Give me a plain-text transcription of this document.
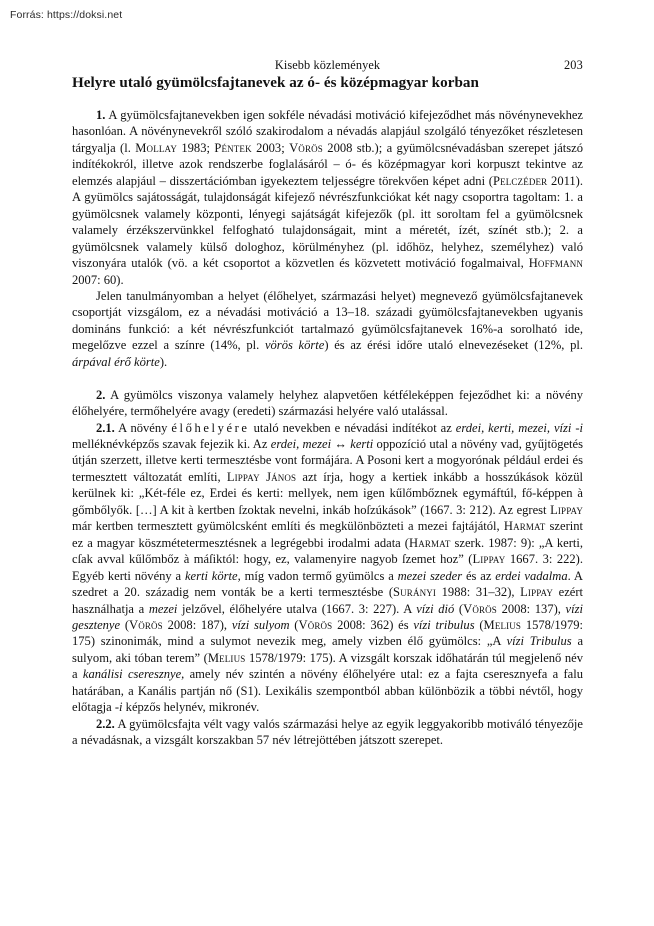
Forrás: https://doksi.net
Kisebb közlemények	203
Helyre utaló gyümölcsfajtanevek az ó- és középmagyar korban

1. A gyümölcsfajtanevekben igen sokféle névadási motiváció kifejeződhet más növénynevekhez hasonlóan. A növénynevekről szóló szakirodalom a névadás alapjául szolgáló tényezőket részletesen tárgyalja (l. Mollay 1983; Péntek 2003; Vörös 2008 stb.); a gyümölcsnévadásban szerepet játszó indítékokról, illetve azok rendszerbe foglalásáról – ó- és középmagyar kori korpuszt tekintve az elemzés alapjául – disszertációmban igyekeztem teljességre törekvően képet adni (Pelczéder 2011). A gyümölcs sajátosságát, tulajdonságát kifejező névrészfunkciókat két nagy csoportra tagoltam: 1. a gyümölcsnek valamely központi, lényegi sajátságát kifejezők (pl. itt soroltam fel a gyümölcsnek valamely érzékszervünkkel felfogható tulajdonságait, mint a méretét, ízét, színét stb.); 2. a gyümölcsnek valamely külső dologhoz, körülményhez (pl. időhöz, helyhez, személyhez) való viszonyára utalók (vö. a két csoportot a közvetlen és közvetett motiváció fogalmaival, Hoffmann 2007: 60).

Jelen tanulmányomban a helyet (élőhelyet, származási helyet) megnevező gyümölcsfajtanevek csoportját vizsgálom, ez a névadási motiváció a 13–18. századi gyümölcsfajtanevekben ugyanis domináns funkció: a két névrészfunkciót tartalmazó gyümölcsfajtanevek 16%-a sorolható ide, megelőzve ezzel a színre (14%, pl. vörös körte) és az érési időre utaló elnevezéseket (12%, pl. árpával érő körte).

2. A gyümölcs viszonya valamely helyhez alapvetően kétféleképpen fejeződhet ki: a növény élőhelyére, termőhelyére avagy (eredeti) származási helyére való utalással.

2.1. A növény élőhelyére utaló nevekben e névadási indítékot az erdei, kerti, mezei, vízi -i melléknévképzős szavak fejezik ki. Az erdei, mezei ↔ kerti oppozíció utal a növény vad, gyűjtögetés útján szerzett, illetve kerti termesztésbe vont formájára. A Posoni kert a mogyorónak például erdei és termesztett változatát említi, Lippay János azt írja, hogy a kertiek inkább a hosszúkások közül kerülnek ki: „Két-féle ez, Erdei és kerti: mellyek, nem igen kűlőmbőznek egymáftúl, fő-képpen à gőmbőlyők. […] A kit à kertben ſzoktak nevelni, inkáb hoſzúkások” (1667. 3: 212). Az egrest Lippay már kertben termesztett gyümölcsként említi és megkülönbözteti a mezei fajtájától, Harmat szerint ez a magyar köszmétetermesztésnek a legrégebbi irodalmi adata (Harmat szerk. 1987: 9): „A kerti, cſak avval kűlőmbőz à máſiktól: hogy, ez, valamenyire nagyob ſzemet hoz” (Lippay 1667. 3: 222). Egyéb kerti növény a kerti körte, míg vadon termő gyümölcs a mezei szeder és az erdei vadalma. A szedret a 20. századig nem vonták be a kerti termesztésbe (Surányi 1988: 31–32), Lippay ezért használhatja a mezei jelzővel, élőhelyére utalva (1667. 3: 227). A vízi dió (Vörös 2008: 137), vízi gesztenye (Vörös 2008: 187), vízi sulyom (Vörös 2008: 362) és vízi tribulus (Melius 1578/1979: 175) szinonimák, mind a sulymot nevezik meg, amely vizben élő gyümölcs: „A vízi Tribulus a sulyom, aki tóban terem” (Melius 1578/1979: 175). A vizsgált korszak időhatárán túl megjelenő név a kanálisi cseresznye, amely név szintén a növény élőhelyére utal: ez a fajta cseresznyefa a falu határában, a Kanális partján nő (S1). Lexikális szempontból abban különbözik a többi névtől, hogy előtagja -i képzős helynév, mikronév.

2.2. A gyümölcsfajta vélt vagy valós származási helye az egyik leggyakoribb motiváló tényezője a névadásnak, a vizsgált korszakban 57 név létrejöttében játszott szerepet.
